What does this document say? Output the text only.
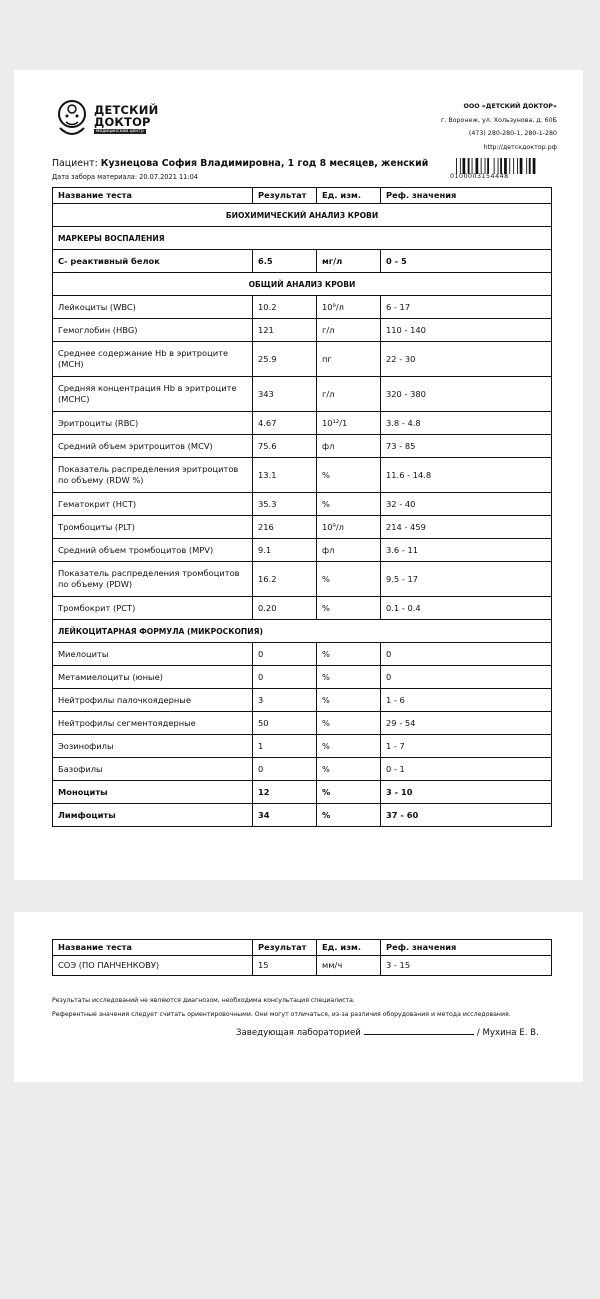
ДЕТСКИЙ
ДОКТОР
медицинский центр
ООО «ДЕТСКИЙ ДОКТОР»
г. Воронеж, ул. Хользунова, д. 60Б
(473) 280-280-1, 280-1-280
http://детскдоктор.рф
Пациент: Кузнецова София Владимировна, 1 год 8 месяцев, женский
Дата забора материала: 20.07.2021 11:04	0100003154448
Название теста	Результат	Ед. изм.	Реф. значения
БИОХИМИЧЕСКИЙ АНАЛИЗ КРОВИ			
МАРКЕРЫ ВОСПАЛЕНИЯ			
С- реактивный белок	6.5	мг/л	0 - 5
ОБЩИЙ АНАЛИЗ КРОВИ			
Лейкоциты (WBC)	10.2	10⁹/л	6 - 17
Гемоглобин (HBG)	121	г/л	110 - 140
Среднее содержание Hb в эритроците (MCH)	25.9	пг	22 - 30
Средняя концентрация Hb в эритроците (MCHC)	343	г/л	320 - 380
Эритроциты (RBC)	4.67	10¹²/1	3.8 - 4.8
Средний объем эритроцитов (MCV)	75.6	фл	73 - 85
Показатель распределения эритроцитов по объему (RDW %)	13.1	%	11.6 - 14.8
Гематокрит (HCT)	35.3	%	32 - 40
Тромбоциты (PLT)	216	10⁹/л	214 - 459
Средний объем тромбоцитов (MPV)	9.1	фл	3.6 - 11
Показатель распределения тромбоцитов по объему (PDW)	16.2	%	9.5 - 17
Тромбокрит (PCT)	0.20	%	0.1 - 0.4
ЛЕЙКОЦИТАРНАЯ ФОРМУЛА (МИКРОСКОПИЯ)			
Миелоциты	0	%	0
Метамиелоциты (юные)	0	%	0
Нейтрофилы палочкоядерные	3	%	1 - 6
Нейтрофилы сегментоядерные	50	%	29 - 54
Эозинофилы	1	%	1 - 7
Базофилы	0	%	0 - 1
Моноциты	12	%	3 - 10
Лимфоциты	34	%	37 - 60
Название теста	Результат	Ед. изм.	Реф. значения
СОЭ (ПО ПАНЧЕНКОВУ)	15	мм/ч	3 - 15
Результаты исследований не являются диагнозом, необходима консультация специалиста.
Референтные значения следует считать ориентировочными. Они могут отличаться, из-за различия оборудования и метода исследования.
Заведующая лабораторией	/ Мухина Е. В.
